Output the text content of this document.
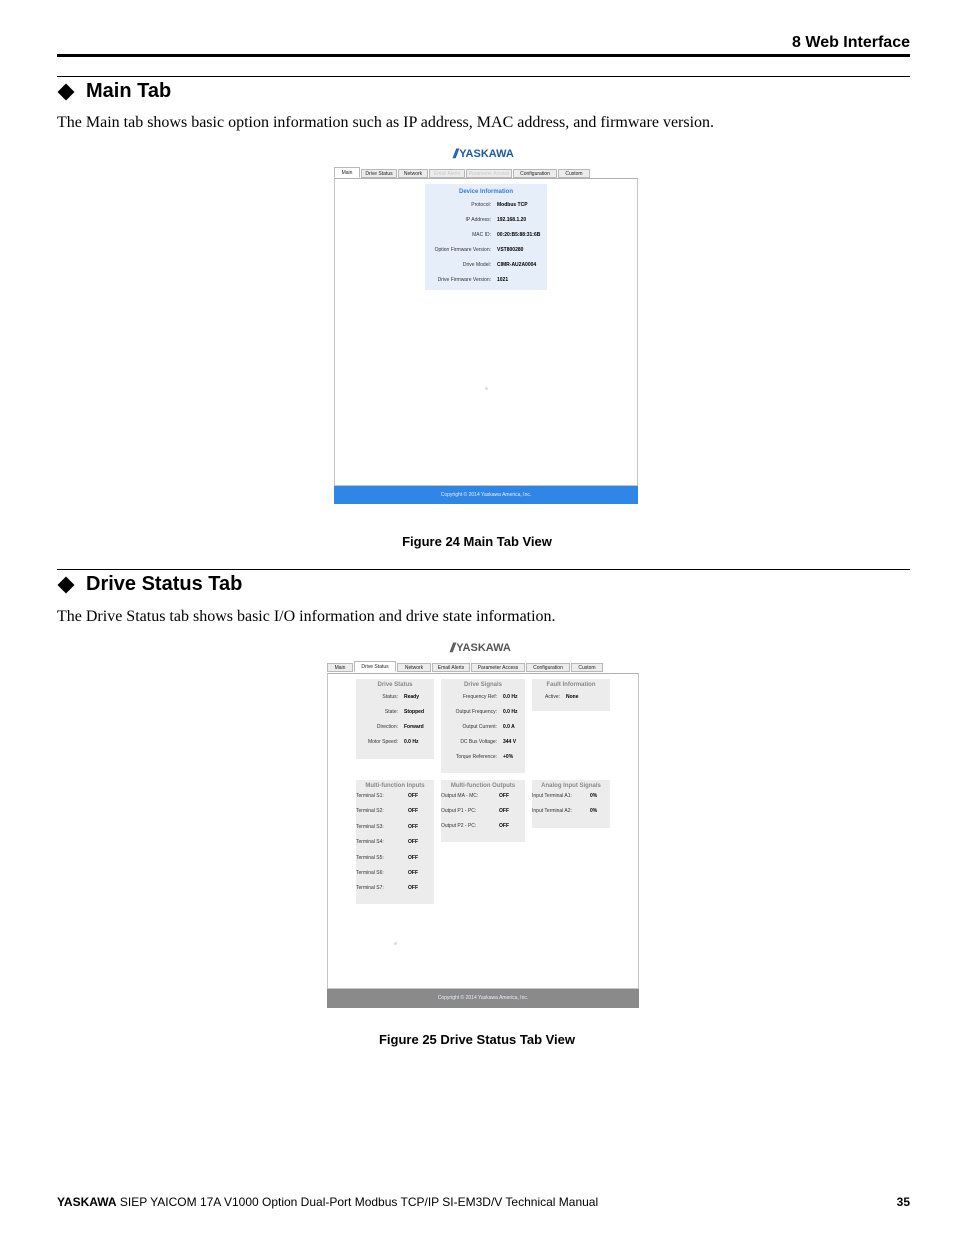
8 Web Interface
Main Tab
The Main tab shows basic option information such as IP address, MAC address, and firmware version.
// YASKAWA
Main	Drive Status	Network	Email Alerts	Parameter Access	Configuration	Custom
Device Information
Protocol:	Modbus TCP
IP Address:	192.168.1.20
MAC ID:	00:20:B5:88:31:6B
Option Firmware Version:	VST800280
Drive Model:	CIMR-AU2A0004
Drive Firmware Version:	1021
Copyright © 2014 Yaskawa America, Inc.
Figure 24 Main Tab View
Drive Status Tab
The Drive Status tab shows basic I/O information and drive state information.
// YASKAWA
Main	Drive Status	Network	Email Alerts	Parameter Access	Configuration	Custom
Drive Status
Status:	Ready
State:	Stopped
Direction:	Forward
Motor Speed:	0.0 Hz
Drive Signals
Frequency Ref:	0.0 Hz
Output Frequency:	0.0 Hz
Output Current:	0.0 A
DC Bus Voltage:	344 V
Torque Reference:	+0%
Fault Information
Active:	None
Multi-function Inputs
Terminal S1:	OFF
Terminal S2:	OFF
Terminal S3:	OFF
Terminal S4:	OFF
Terminal S5:	OFF
Terminal S6:	OFF
Terminal S7:	OFF
Multi-function Outputs
Output MA - MC:	OFF
Output P1 - PC:	OFF
Output P2 - PC:	OFF
Analog Input Signals
Input Terminal A1:	0%
Input Terminal A2:	0%
Copyright © 2014 Yaskawa America, Inc.
Figure 25 Drive Status Tab View
YASKAWA SIEP YAICOM 17A V1000 Option Dual-Port Modbus TCP/IP SI-EM3D/V Technical Manual	35
